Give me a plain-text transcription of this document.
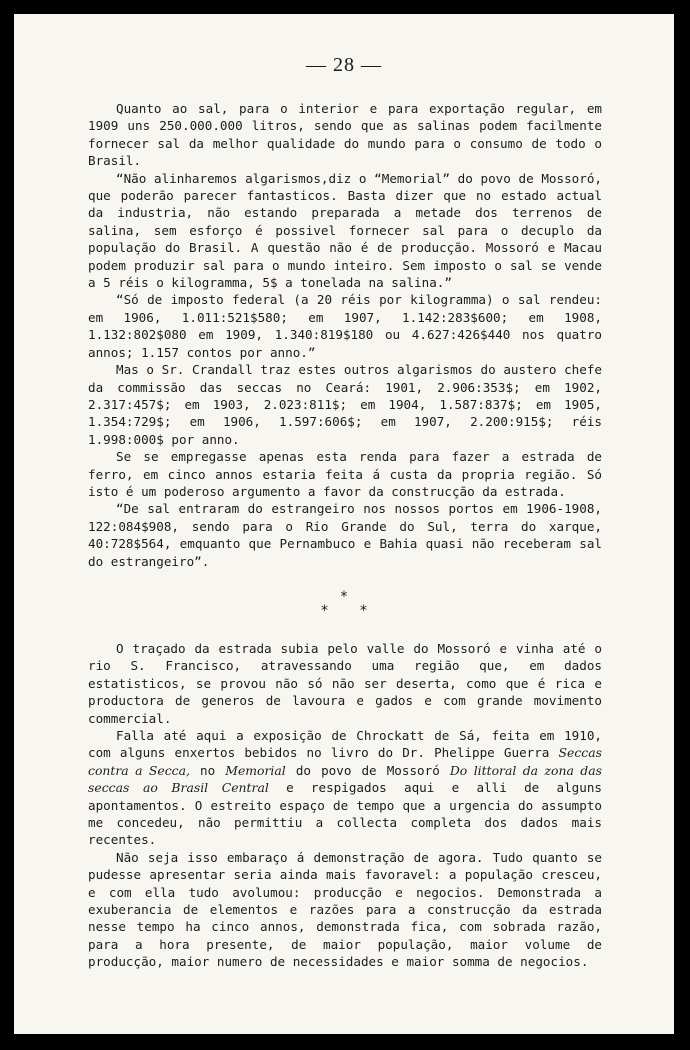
— 28 —

Quanto ao sal, para o interior e para exportação regular, em 1909 uns 250.000.000 litros, sendo que as salinas podem facilmente fornecer sal da melhor qualidade do mundo para o consumo de todo o Brasil.

“Não alinharemos algarismos,diz o “Memorial” do povo de Mossoró, que poderão parecer fantasticos. Basta dizer que no estado actual da industria, não estando preparada a metade dos terrenos de salina, sem esforço é possivel fornecer sal para o decuplo da população do Brasil. A questão não é de producção. Mossoró e Macau podem produzir sal para o mundo inteiro. Sem imposto o sal se vende a 5 réis o kilogramma, 5$ a tonelada na salina.”

“Só de imposto federal (a 20 réis por kilogramma) o sal rendeu: em 1906, 1.011:521$580; em 1907, 1.142:283$600; em 1908, 1.132:802$080 em 1909, 1.340:819$180 ou 4.627:426$440 nos quatro annos; 1.157 contos por anno.”

Mas o Sr. Crandall traz estes outros algarismos do austero chefe da commissão das seccas no Ceará: 1901, 2.906:353$; em 1902, 2.317:457$; em 1903, 2.023:811$; em 1904, 1.587:837$; em 1905, 1.354:729$; em 1906, 1.597:606$; em 1907, 2.200:915$; réis 1.998:000$ por anno.

Se se empregasse apenas esta renda para fazer a estrada de ferro, em cinco annos estaria feita á custa da propria região. Só isto é um poderoso argumento a favor da construcção da estrada.

“De sal entraram do estrangeiro nos nossos portos em 1906-1908, 122:084$908, sendo para o Rio Grande do Sul, terra do xarque, 40:728$564, emquanto que Pernambuco e Bahia quasi não receberam sal do estrangeiro”.

*
* *

O traçado da estrada subia pelo valle do Mossoró e vinha até o rio S. Francisco, atravessando uma região que, em dados estatisticos, se provou não só não ser deserta, como que é rica e productora de generos de lavoura e gados e com grande movimento commercial.

Falla até aqui a exposição de Chrockatt de Sá, feita em 1910, com alguns enxertos bebidos no livro do Dr. Phelippe Guerra Seccas contra a Secca, no Memorial do povo de Mossoró Do littoral da zona das seccas ao Brasil Central e respigados aqui e alli de alguns apontamentos. O estreito espaço de tempo que a urgencia do assumpto me concedeu, não permittiu a collecta completa dos dados mais recentes.

Não seja isso embaraço á demonstração de agora. Tudo quanto se pudesse apresentar seria ainda mais favoravel: a população cresceu, e com ella tudo avolumou: producção e negocios. Demonstrada a exuberancia de elementos e razões para a construcção da estrada nesse tempo ha cinco annos, demonstrada fica, com sobrada razão, para a hora presente, de maior população, maior volume de producção, maior numero de necessidades e maior somma de negocios.
